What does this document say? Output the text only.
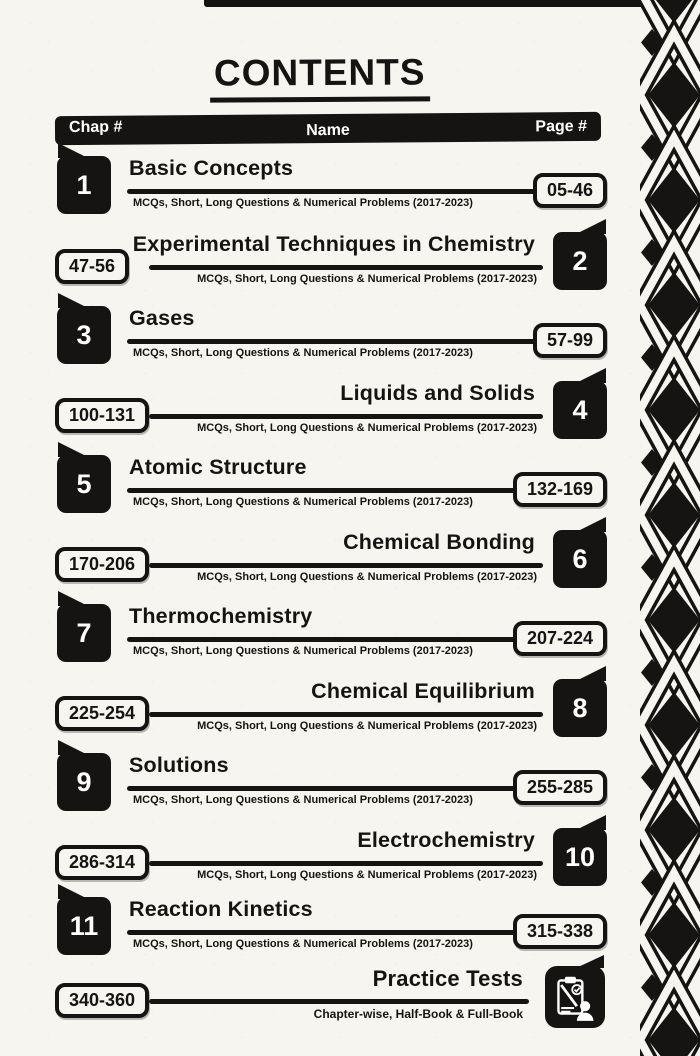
CONTENTS
Chap #	Name	Page #
1
Basic Concepts
MCQs, Short, Long Questions & Numerical Problems (2017-2023)
05-46
47-56
Experimental Techniques in Chemistry
MCQs, Short, Long Questions & Numerical Problems (2017-2023)
2
3
Gases
MCQs, Short, Long Questions & Numerical Problems (2017-2023)
57-99
100-131
Liquids and Solids
MCQs, Short, Long Questions & Numerical Problems (2017-2023)
4
5
Atomic Structure
MCQs, Short, Long Questions & Numerical Problems (2017-2023)
132-169
170-206
Chemical Bonding
MCQs, Short, Long Questions & Numerical Problems (2017-2023)
6
7
Thermochemistry
MCQs, Short, Long Questions & Numerical Problems (2017-2023)
207-224
225-254
Chemical Equilibrium
MCQs, Short, Long Questions & Numerical Problems (2017-2023)
8
9
Solutions
MCQs, Short, Long Questions & Numerical Problems (2017-2023)
255-285
286-314
Electrochemistry
MCQs, Short, Long Questions & Numerical Problems (2017-2023)
10
11
Reaction Kinetics
MCQs, Short, Long Questions & Numerical Problems (2017-2023)
315-338
340-360
Practice Tests
Chapter-wise, Half-Book & Full-Book
